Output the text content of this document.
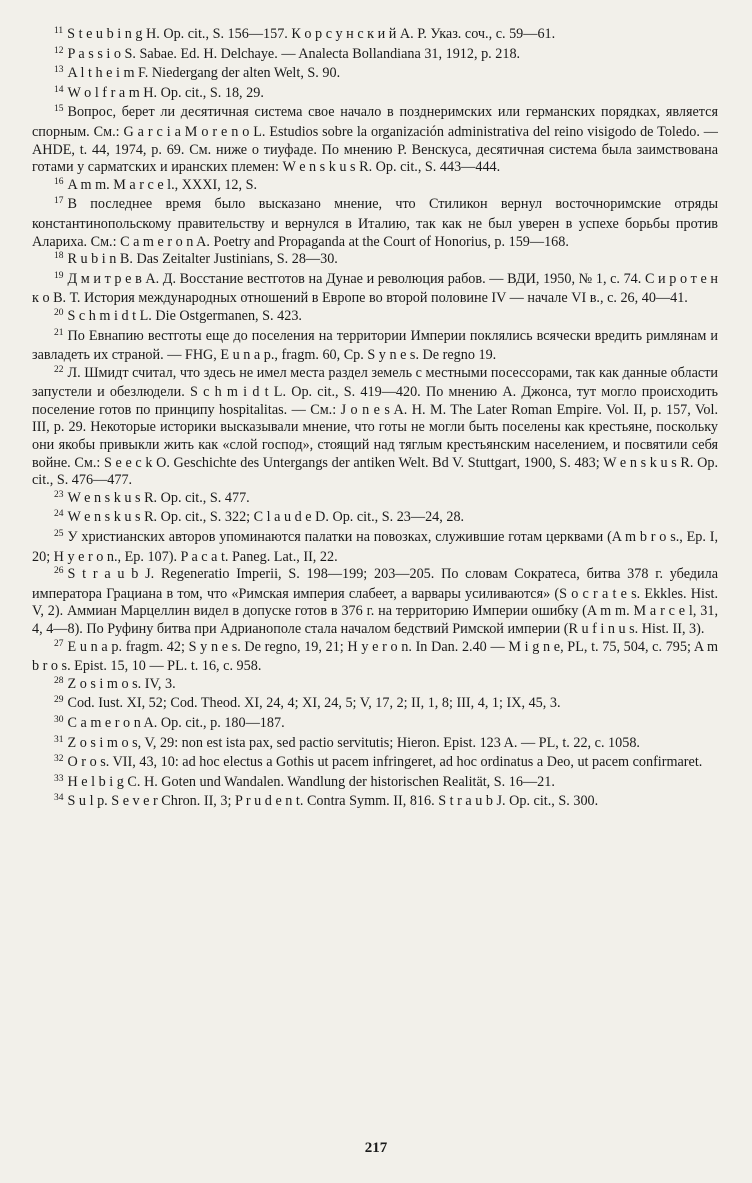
$^{11}$ S t e u b i n g H. Op. cit., S. 156—157. К о р с у н с к и й А. Р. Указ. соч., с. 59—61.

$^{12}$ P a s s i o S. Sabae. Ed. H. Delchaye. — Analecta Bollandiana 31, 1912, p. 218.

$^{13}$ A l t h e i m F. Niedergang der alten Welt, S. 90.

$^{14}$ W o l f r a m H. Op. cit., S. 18, 29.

$^{15}$ Вопрос, берет ли десятичная система свое начало в позднеримских или германских порядках, является спорным. См.: G a r c i a M o r e n o L. Estudios sobre la organización administrativa del reino visigodo de Toledo. — AHDE, t. 44, 1974, p. 69. См. ниже о тиуфаде. По мнению Р. Венскуса, десятичная система была заимствована готами у сарматских и иранских племен: W e n s k u s R. Op. cit., S. 443—444.

$^{16}$ A m m. M a r c e l., XXXI, 12, S.

$^{17}$ В последнее время было высказано мнение, что Стиликон вернул восточноримские отряды константинопольскому правительству и вернулся в Италию, так как не был уверен в успехе борьбы против Алариха. См.: C a m e r o n A. Poetry and Propaganda at the Court of Honorius, p. 159—168.

$^{18}$ R u b i n B. Das Zeitalter Justinians, S. 28—30.

$^{19}$ Д м и т р е в А. Д. Восстание вестготов на Дунае и революция рабов. — ВДИ, 1950, № 1, с. 74. С и р о т е н к о В. Т. История международных отношений в Европе во второй половине IV — начале VI в., с. 26, 40—41.

$^{20}$ S c h m i d t L. Die Ostgermanen, S. 423.

$^{21}$ По Евнапию вестготы еще до поселения на территории Империи поклялись всячески вредить римлянам и завладеть их страной. — FHG, E u n a p., fragm. 60, Cp. S y n e s. De regno 19.

$^{22}$ Л. Шмидт считал, что здесь не имел места раздел земель с местными посессорами, так как данные области запустели и обезлюдели. S c h m i d t L. Op. cit., S. 419—420. По мнению А. Джонса, тут могло происходить поселение готов по принципу hospitalitas. — См.: J o n e s A. H. M. The Later Roman Empire. Vol. II, p. 157, Vol. III, p. 29. Некоторые историки высказывали мнение, что готы не могли быть поселены как крестьяне, поскольку они якобы привыкли жить как «слой господ», стоящий над тяглым крестьянским населением, и посвятили себя войне. См.: S e e c k O. Geschichte des Untergangs der antiken Welt. Bd V. Stuttgart, 1900, S. 483; W e n s k u s R. Op. cit., S. 476—477.

$^{23}$ W e n s k u s R. Op. cit., S. 477.

$^{24}$ W e n s k u s R. Op. cit., S. 322; C l a u d e D. Op. cit., S. 23—24, 28.

$^{25}$ У христианских авторов упоминаются палатки на повозках, служившие готам церквами (A m b r o s., Ep. I, 20; H y e r o n., Ep. 107). P a c a t. Paneg. Lat., II, 22.

$^{26}$ S t r a u b J. Regeneratio Imperii, S. 198—199; 203—205. По словам Сократеса, битва 378 г. убедила императора Грациана в том, что «Римская империя слабеет, а варвары усиливаются» (S o c r a t e s. Ekkles. Hist. V, 2). Аммиан Марцеллин видел в допуске готов в 376 г. на территорию Империи ошибку (A m m. M a r c e l, 31, 4, 4—8). По Руфину битва при Адрианополе стала началом бедствий Римской империи (R u f i n u s. Hist. II, 3).

$^{27}$ E u n a p. fragm. 42; S y n e s. De regno, 19, 21; H y e r o n. In Dan. 2.40 — M i g n e, PL, t. 75, 504, c. 795; A m b r o s. Epist. 15, 10 — PL. t. 16, c. 958.

$^{28}$ Z o s i m o s. IV, 3.

$^{29}$ Cod. Iust. XI, 52; Cod. Theod. XI, 24, 4; XI, 24, 5; V, 17, 2; II, 1, 8; III, 4, 1; IX, 45, 3.

$^{30}$ C a m e r o n A. Op. cit., p. 180—187.

$^{31}$ Z o s i m o s, V, 29: non est ista pax, sed pactio servitutis; Hieron. Epist. 123 A. — PL, t. 22, c. 1058.

$^{32}$ O r o s. VII, 43, 10: ad hoc electus a Gothis ut pacem infringeret, ad hoc ordinatus a Deo, ut pacem confirmaret.

$^{33}$ H e l b i g C. H. Goten und Wandalen. Wandlung der historischen Realität, S. 16—21.

$^{34}$ S u l p. S e v e r Chron. II, 3; P r u d e n t. Contra Symm. II, 816. S t r a u b J. Op. cit., S. 300.

217
